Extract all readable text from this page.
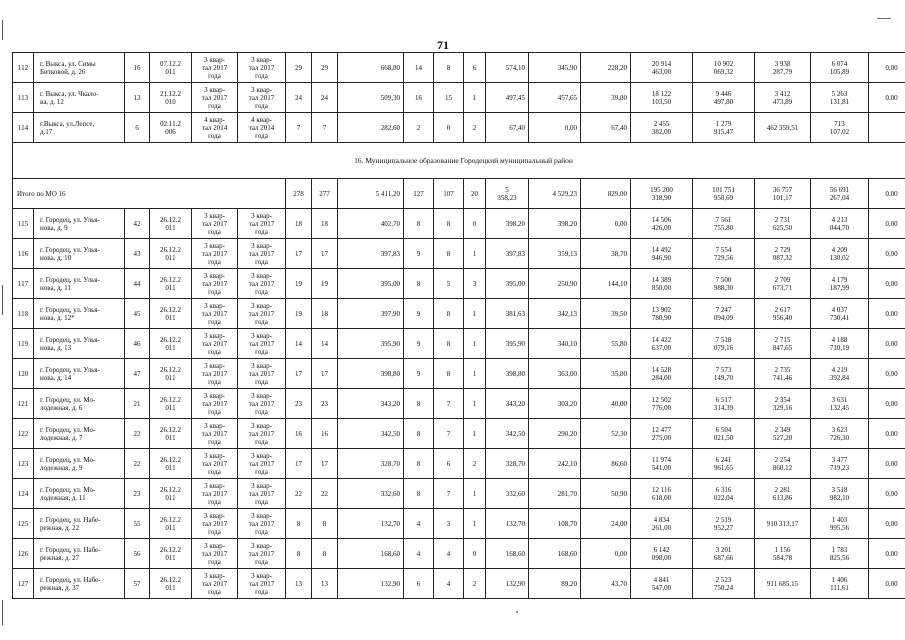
71
112	г. Выкса, ул. Симы
Битковой, д. 26	16	07.12.2
011	3 квар-
тал 2017
года	3 квар-
тал 2017
года	29	29	668,80	14	8	6	574,10	345,90	228,20	20 914
463,00	10 902
069,32	3 938
287,79	6 074
105,89	0,00

113	г. Выкса, ул. Чкало-
ва, д. 12	13	21.12.2
010	3 квар-
тал 2017
года	3 квар-
тал 2017
года	24	24	509,30	16	15	1	497,45	457,65	39,80	18 122
103,50	9 446
497,80	3 412
473,89	5 263
131,81	0,00

114	г.Выкса, ул.Лепсе,
д.17	6	02.11.2
006	4 квар-
тал 2014
года	4 квар-
тал 2014
года	7	7	282,60	2	0	2	67,40	0,00	67,40	2 455
382,00	1 279
915,47	462 359,51	713
107,02	

16. Муниципальное образование Городецкий муниципальный район																			
Итого по МО 16						278	277	5 411,20	127	107	20	5
358,23	4 529,23	829,00	195 200
318,90	101 751
950,69	36 757
101,17	56 691
267,04	0,00

115	г. Городец, ул. Улья-
нова, д. 9	42	26.12.2
011	3 квар-
тал 2017
года	3 квар-
тал 2017
года	18	18	402,70	8	8	0	398,20	398,20	0,00	14 506
426,00	7 561
755,80	2 731
625,50	4 213
044,70	0,00

116	г. Городец, ул. Улья-
нова, д. 10	43	26.12.2
011	3 квар-
тал 2017
года	3 квар-
тал 2017
года	17	17	397,83	9	8	1	397,83	359,13	38,70	14 492
946,90	7 554
729,56	2 729
087,32	4 209
130,02	0,00

117	г. Городец, ул. Улья-
нова, д. 11	44	26.12.2
011	3 квар-
тал 2017
года	3 квар-
тал 2017
года	19	19	395,00	8	5	3	395,00	250,90	144,10	14 389
850,00	7 500
988,30	2 709
673,71	4 179
187,99	0,00

118	г. Городец, ул. Улья-
нова, д. 12*	45	26.12.2
011	3 квар-
тал 2017
года	3 квар-
тал 2017
года	19	18	397,90	9	8	1	381,63	342,13	39,50	13 902
780,90	7 247
094,09	2 617
956,40	4 037
730,41	0,00

119	г. Городец, ул. Улья-
нова, д. 13	46	26.12.2
011	3 квар-
тал 2017
года	3 квар-
тал 2017
года	14	14	395,90	9	8	1	395,90	340,10	55,80	14 422
637,00	7 518
079,16	2 715
847,65	4 188
710,19	0,00

120	г. Городец, ул. Улья-
нова, д. 14	47	26.12.2
011	3 квар-
тал 2017
года	3 квар-
тал 2017
года	17	17	398,80	9	8	1	398,80	363,00	35,80	14 528
284,00	7 573
149,70	2 735
741,46	4 219
392,84	0,00

121	г. Городец, ул. Мо-
лодежная, д. 6	21	26.12.2
011	3 квар-
тал 2017
года	3 квар-
тал 2017
года	23	23	343,20	8	7	1	343,20	303,20	40,00	12 502
776,00	6 517
314,39	2 354
329,16	3 631
132,45	0,00

122	г. Городец, ул. Мо-
лодежная, д. 7	22	26.12.2
011	3 квар-
тал 2017
года	3 квар-
тал 2017
года	16	16	342,50	8	7	1	342,50	290,20	52,30	12 477
275,00	6 504
021,50	2 349
527,20	3 623
726,30	0,00

123	г. Городец, ул. Мо-
лодежная, д. 9	22	26.12.2
011	3 квар-
тал 2017
года	3 квар-
тал 2017
года	17	17	328,70	8	6	2	328,70	242,10	86,60	11 974
541,00	6 241
961,65	2 254
860,12	3 477
719,23	0,00

124	г. Городец, ул. Мо-
лодежная, д. 11	23	26.12.2
011	3 квар-
тал 2017
года	3 квар-
тал 2017
года	22	22	332,60	8	7	1	332,60	281,70	50,90	12 116
618,00	6 316
022,04	2 281
613,86	3 518
982,10	0,00

125	г. Городец, ул. Набе-
режная, д. 22	55	26.12.2
011	3 квар-
тал 2017
года	3 квар-
тал 2017
года	8	8	132,70	4	3	1	132,70	108,70	24,00	4 834
261,00	2 519
952,27	910 313,17	1 403
995,56	0,00

126	г. Городец, ул. Набе-
режная, д. 27	56	26.12.2
011	3 квар-
тал 2017
года	3 квар-
тал 2017
года	8	8	168,60	4	4	0	168,60	168,60	0,00	6 142
098,00	3 201
687,66	1 156
584,78	1 783
825,56	0,00

127	г. Городец, ул. Набе-
режная, д. 37	57	26.12.2
011	3 квар-
тал 2017
года	3 квар-
тал 2017
года	13	13	132,90	6	4	2	132,90	89,20	43,70	4 841
547,00	2 523
750,24	911 685,15	1 406
111,61	0,00
